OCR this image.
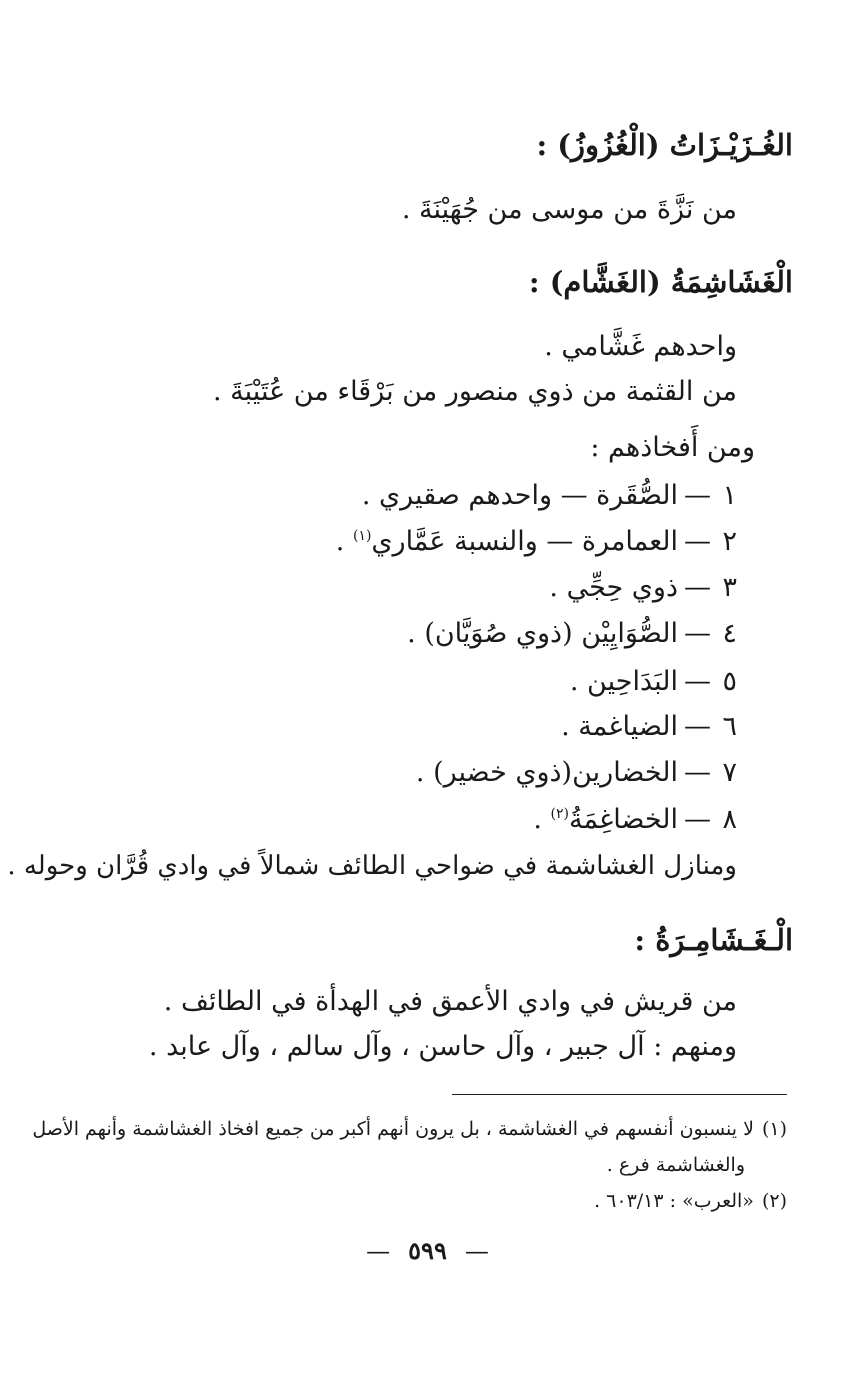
الغُـزَيْـزَاتُ (الْغُزُوزُ) :
من نَزَّةَ من موسى من جُهَيْنَةَ .
الْغَشَاشِمَةُ (الغَشَّام) :
واحدهم غَشَّامي .
من القثمة من ذوي منصور من بَرْقَاء من عُتَيْبَةَ .
ومن أَفخاذهم :
١—الصُّقَرة — واحدهم صقيري .
٢—العمامرة — والنسبة عَمَّاري$^{(١)}$ .
٣—ذوي حِجِّي .
٤—الصُّوَايِيْن (ذوي صُوَيَّان) .
٥—البَدَاحِين .
٦—الضياغمة .
٧—الخضارين(ذوي خضير) .
٨—الخضاغِمَةُ$^{(٢)}$ .
ومنازل الغشاشمة في ضواحي الطائف شمالاً في وادي قُرَّان وحوله .
الْـغَـشَامِـرَةُ :
من قريش في وادي الأعمق في الهدأة في الطائف .
ومنهم : آل جبير ، وآل حاسن ، وآل سالم ، وآل عابد .
(١)لا ينسبون أنفسهم في الغشاشمة ، بل يرون أنهم أكبر من جميع افخاذ الغشاشمة وأنهم الأصل
والغشاشمة فرع .
(٢)«العرب» : ٦٠٣/١٣ .
—٥٩٩—
